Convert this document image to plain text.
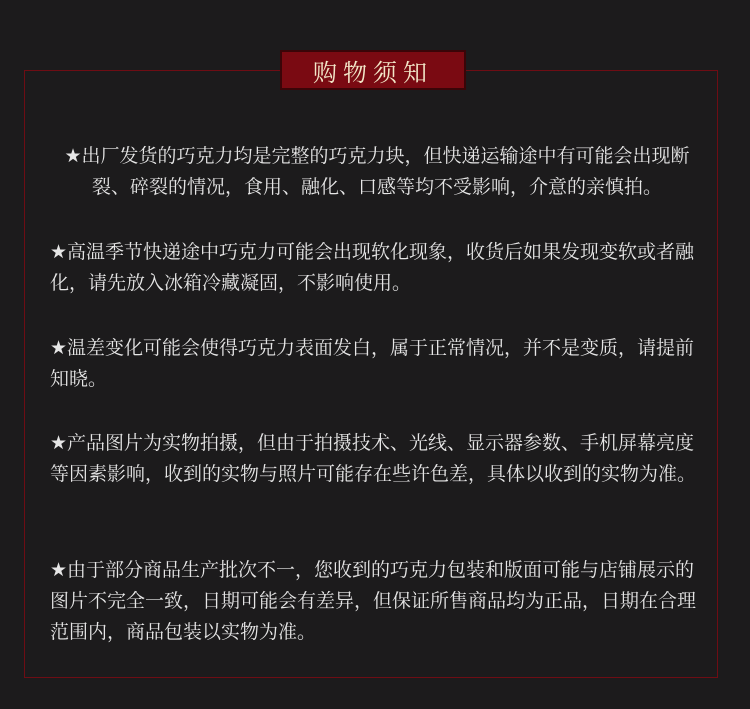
购物须知

★出厂发货的巧克力均是完整的巧克力块，但快递运输途中有可能会出现断裂、碎裂的情况，食用、融化、口感等均不受影响，介意的亲慎拍。

★高温季节快递途中巧克力可能会出现软化现象，收货后如果发现变软或者融化，请先放入冰箱冷藏凝固，不影响使用。

★温差变化可能会使得巧克力表面发白，属于正常情况，并不是变质，请提前知晓。

★产品图片为实物拍摄，但由于拍摄技术、光线、显示器参数、手机屏幕亮度等因素影响，收到的实物与照片可能存在些许色差，具体以收到的实物为准。

★由于部分商品生产批次不一，您收到的巧克力包装和版面可能与店铺展示的图片不完全一致，日期可能会有差异，但保证所售商品均为正品，日期在合理范围内，商品包装以实物为准。
